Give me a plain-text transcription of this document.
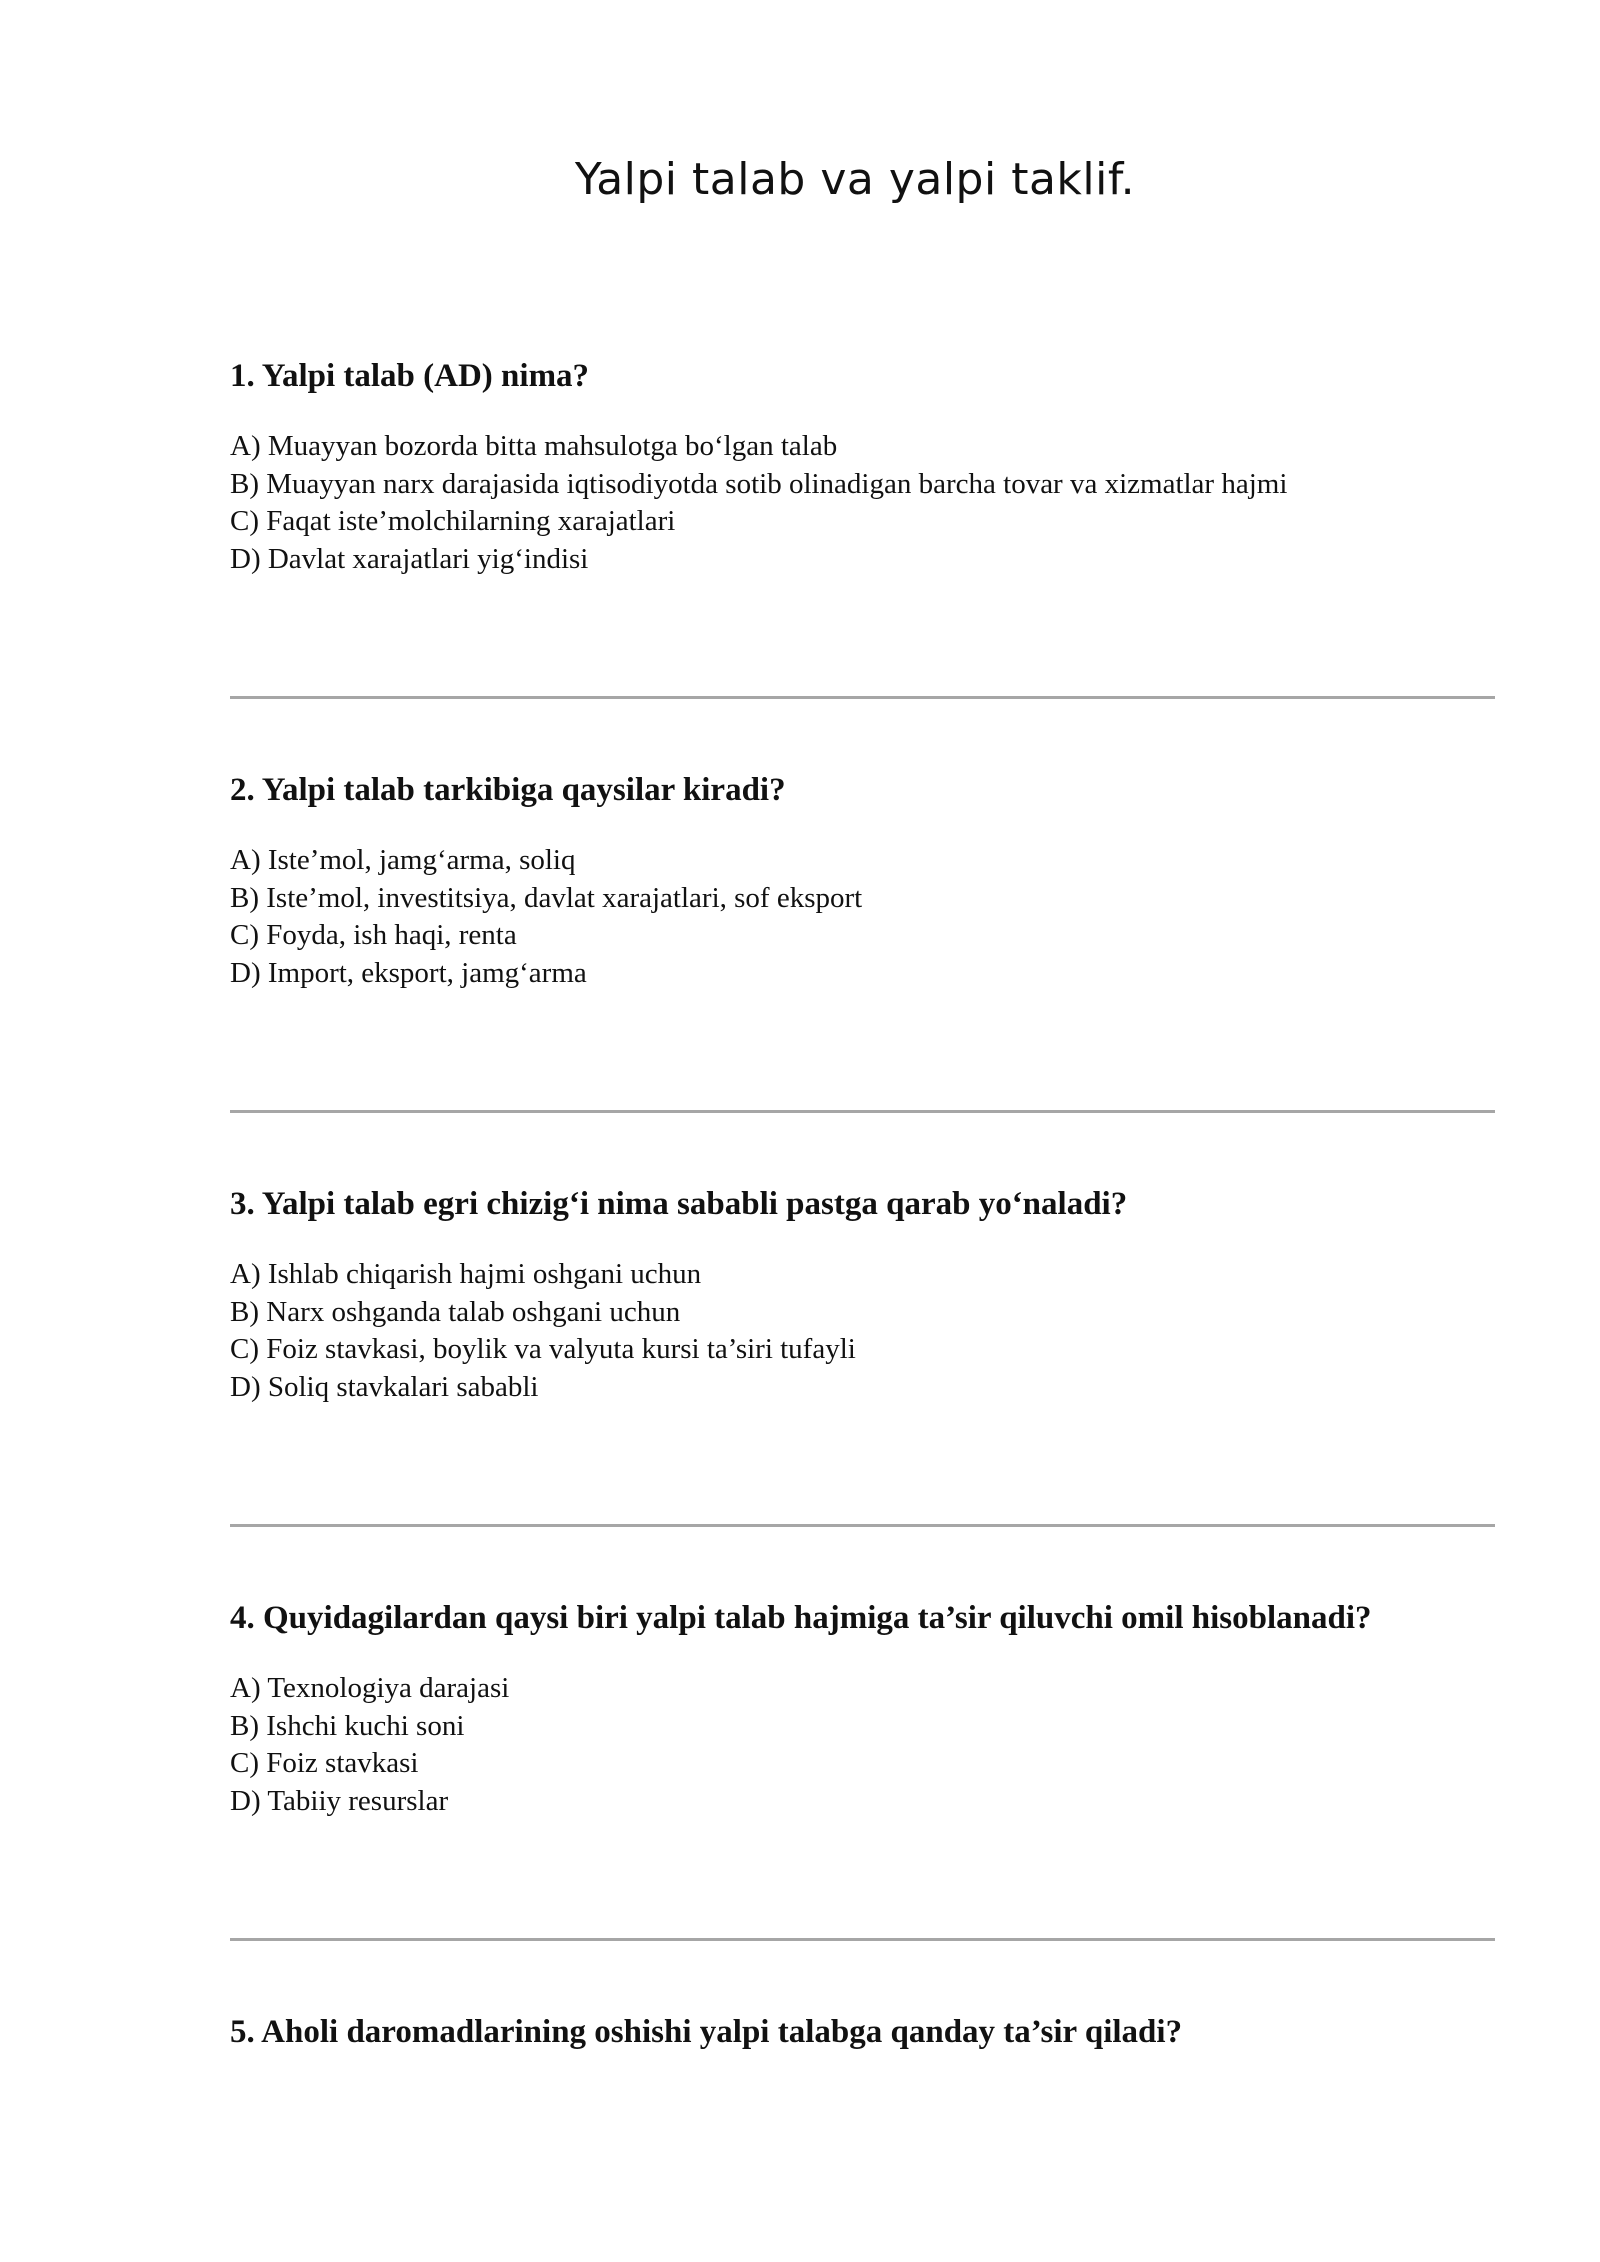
Yalpi talab va yalpi taklif.

1. Yalpi talab (AD) nima?

A) Muayyan bozorda bitta mahsulotga bo‘lgan talab
B) Muayyan narx darajasida iqtisodiyotda sotib olinadigan barcha tovar va xizmatlar hajmi
C) Faqat iste’molchilarning xarajatlari
D) Davlat xarajatlari yig‘indisi

2. Yalpi talab tarkibiga qaysilar kiradi?

A) Iste’mol, jamg‘arma, soliq
B) Iste’mol, investitsiya, davlat xarajatlari, sof eksport
C) Foyda, ish haqi, renta
D) Import, eksport, jamg‘arma

3. Yalpi talab egri chizig‘i nima sababli pastga qarab yo‘naladi?

A) Ishlab chiqarish hajmi oshgani uchun
B) Narx oshganda talab oshgani uchun
C) Foiz stavkasi, boylik va valyuta kursi ta’siri tufayli
D) Soliq stavkalari sababli

4. Quyidagilardan qaysi biri yalpi talab hajmiga ta’sir qiluvchi omil hisoblanadi?

A) Texnologiya darajasi
B) Ishchi kuchi soni
C) Foiz stavkasi
D) Tabiiy resurslar

5. Aholi daromadlarining oshishi yalpi talabga qanday ta’sir qiladi?
